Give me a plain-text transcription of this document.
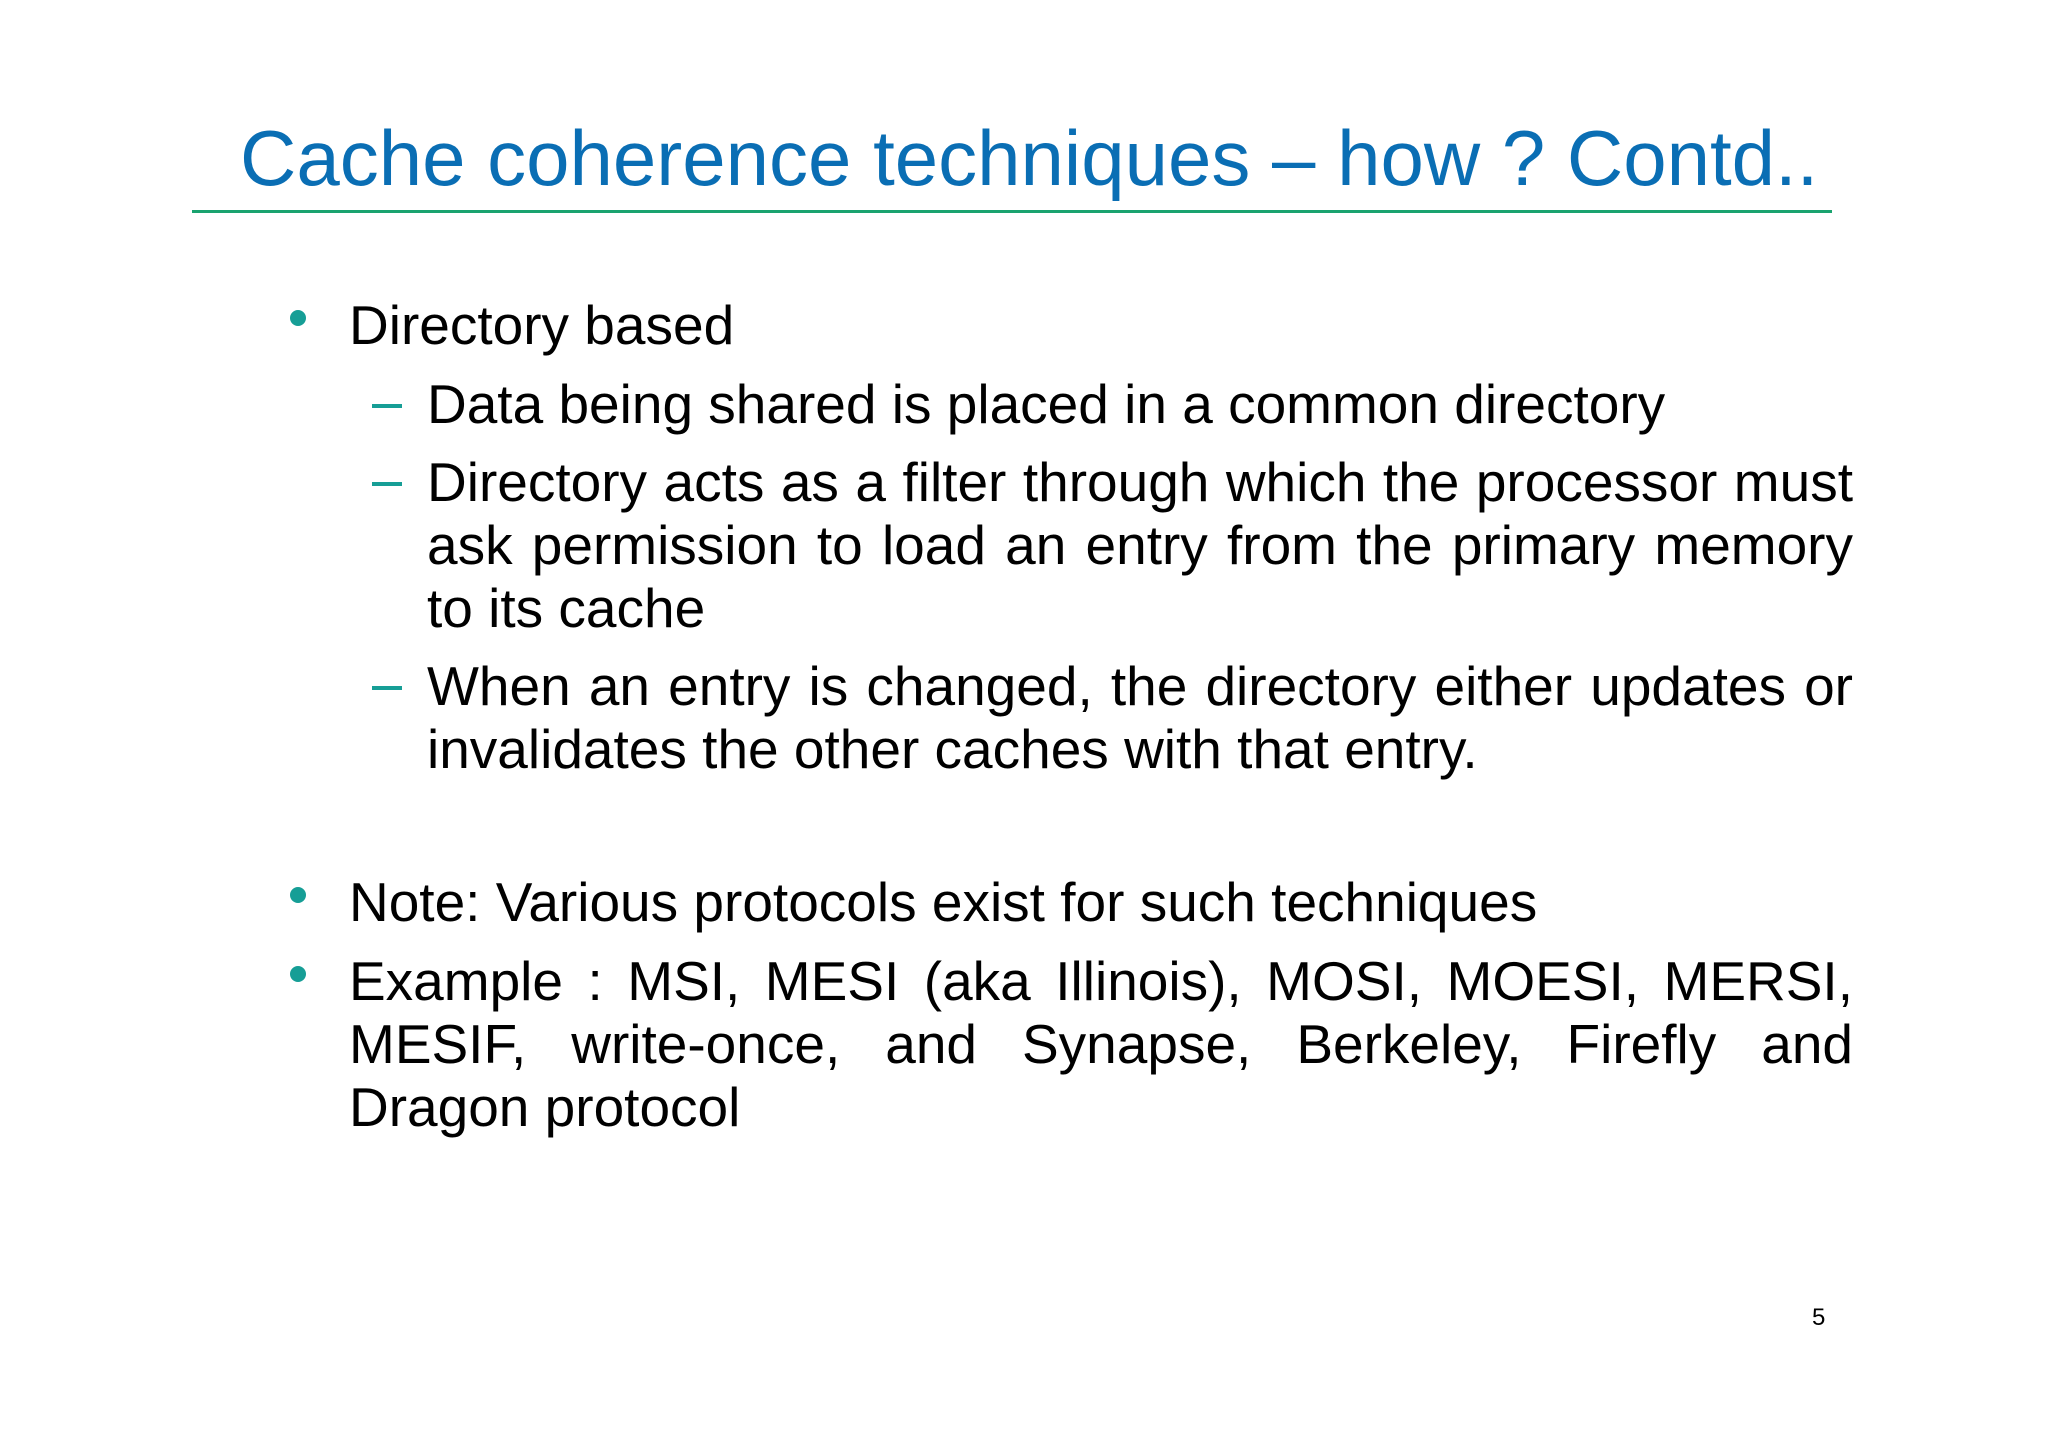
Cache coherence techniques – how ? Contd..
Directory based
Data being shared is placed in a common directory
Directory acts as a filter through which the processor must ask permission to load an entry from the primary memory to its cache
When an entry is changed, the directory either updates or invalidates the other caches with that entry.
Note: Various protocols exist for such techniques
Example : MSI, MESI (aka Illinois), MOSI, MOESI, MERSI, MESIF, write-once, and Synapse, Berkeley, Firefly and Dragon protocol
5
